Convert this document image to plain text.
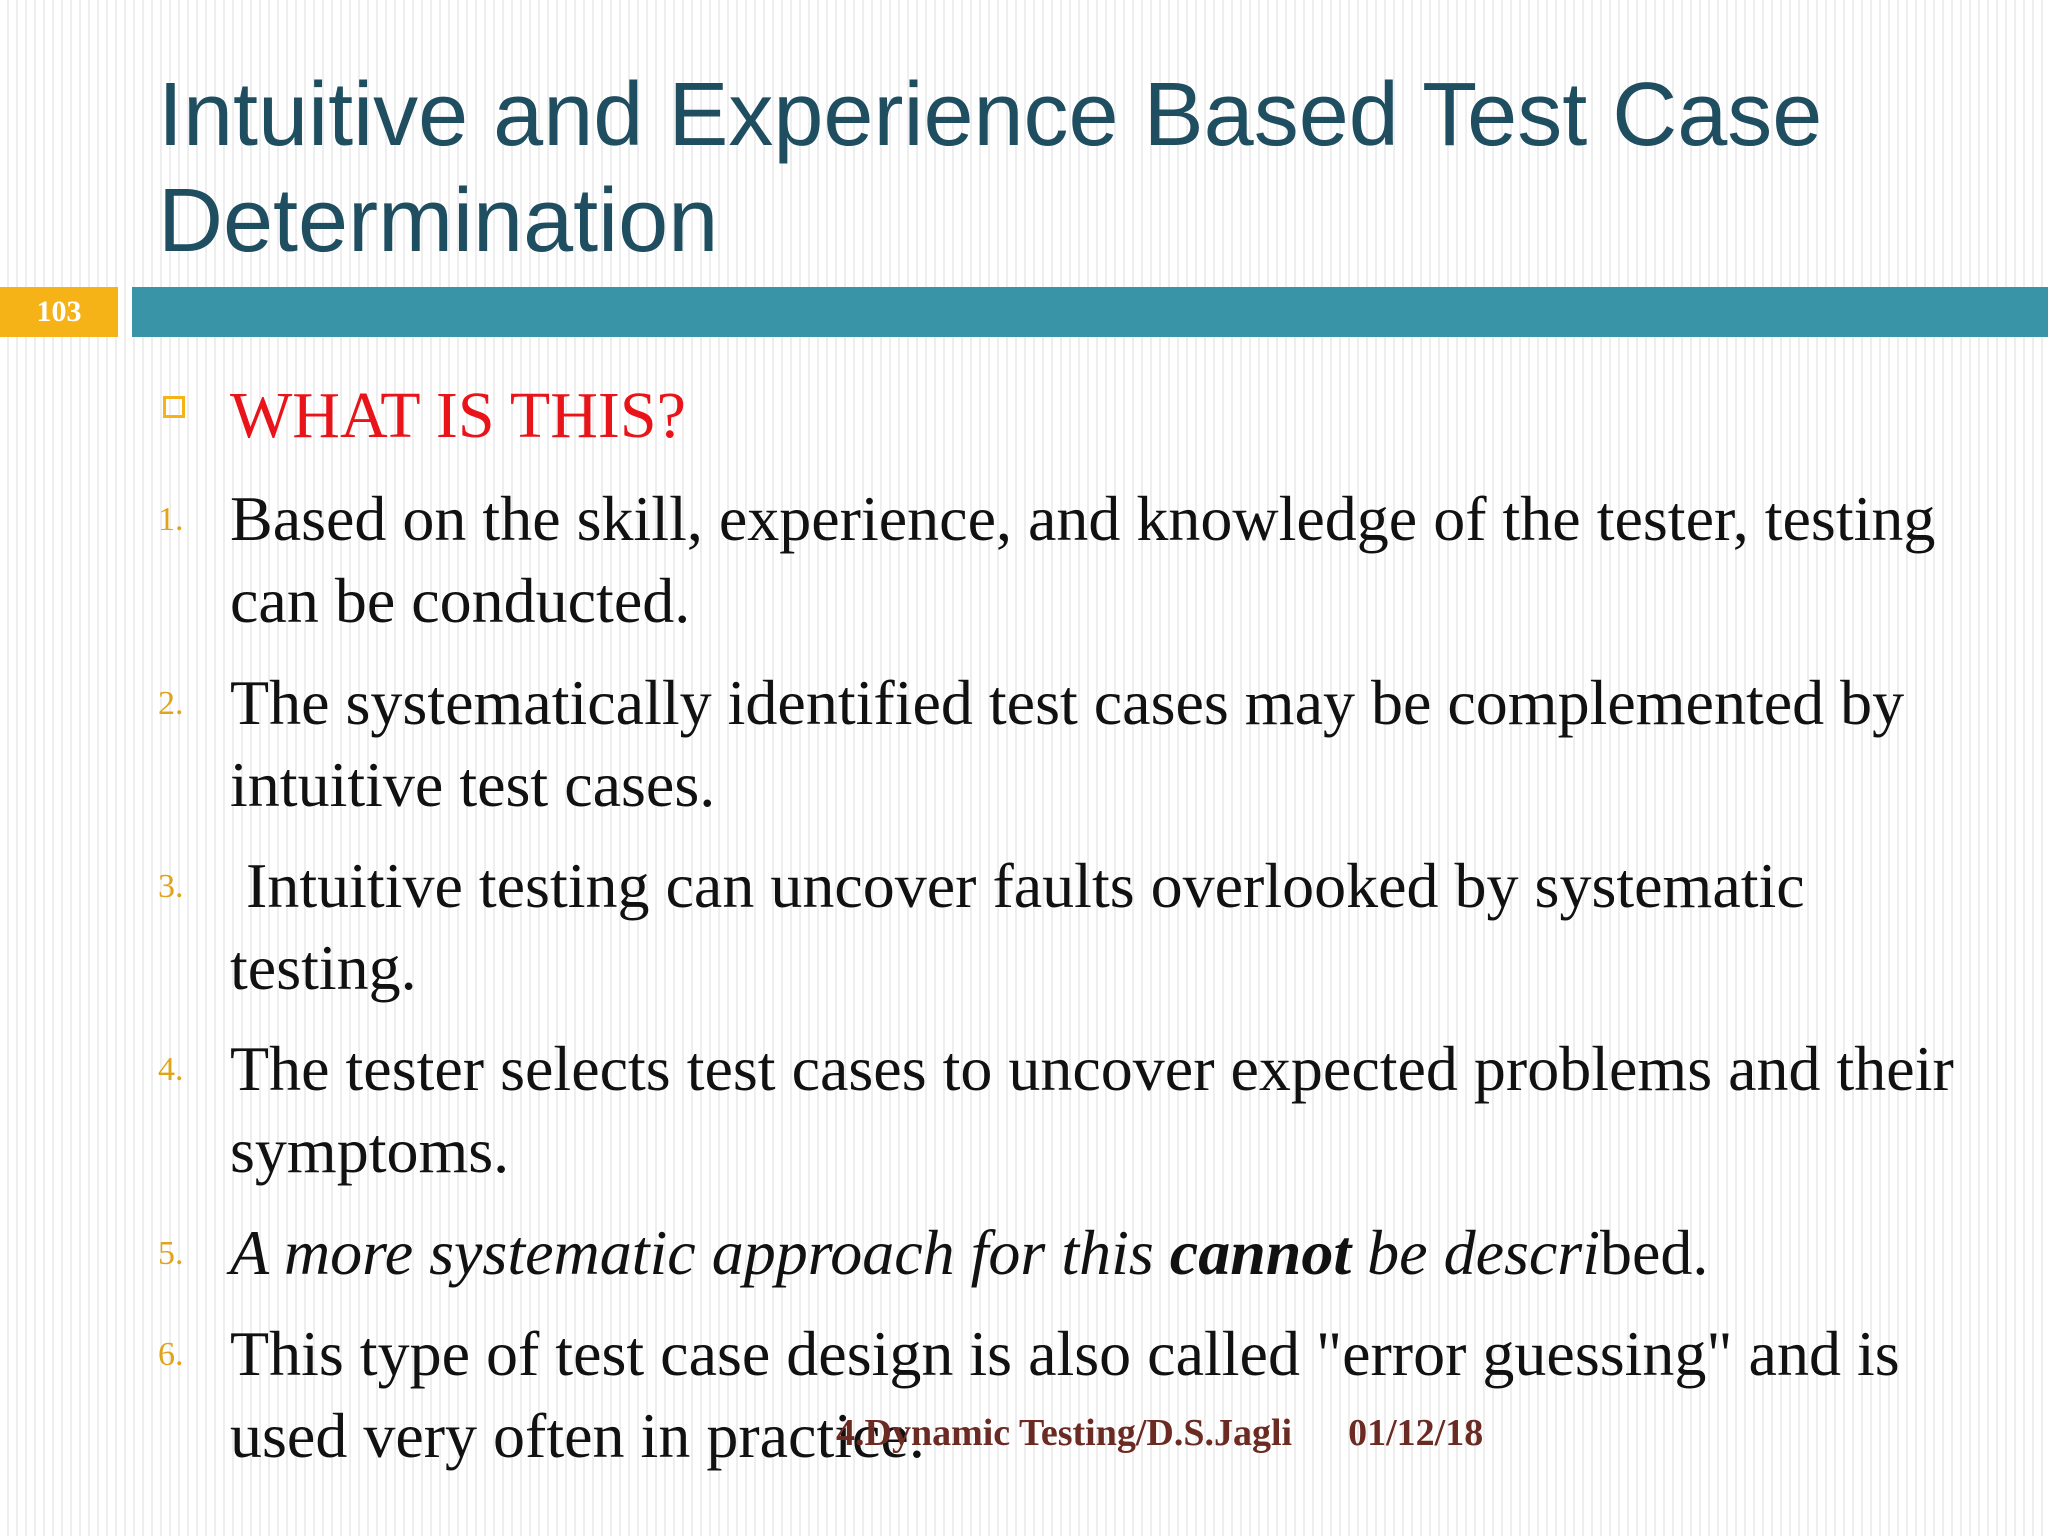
Intuitive and Experience Based Test Case Determination
103
WHAT IS THIS?
1. Based on the skill, experience, and knowledge of the tester, testing can be conducted.
2. The systematically identified test cases may be complemented by intuitive test cases.
3. Intuitive testing can uncover faults overlooked by systematic testing.
4. The tester selects test cases to uncover expected problems and their symptoms.
5. A more systematic approach for this cannot be described.
6. This type of test case design is also called "error guessing" and is used very often in practice.
4.Dynamic Testing/D.S.Jagli 01/12/18
